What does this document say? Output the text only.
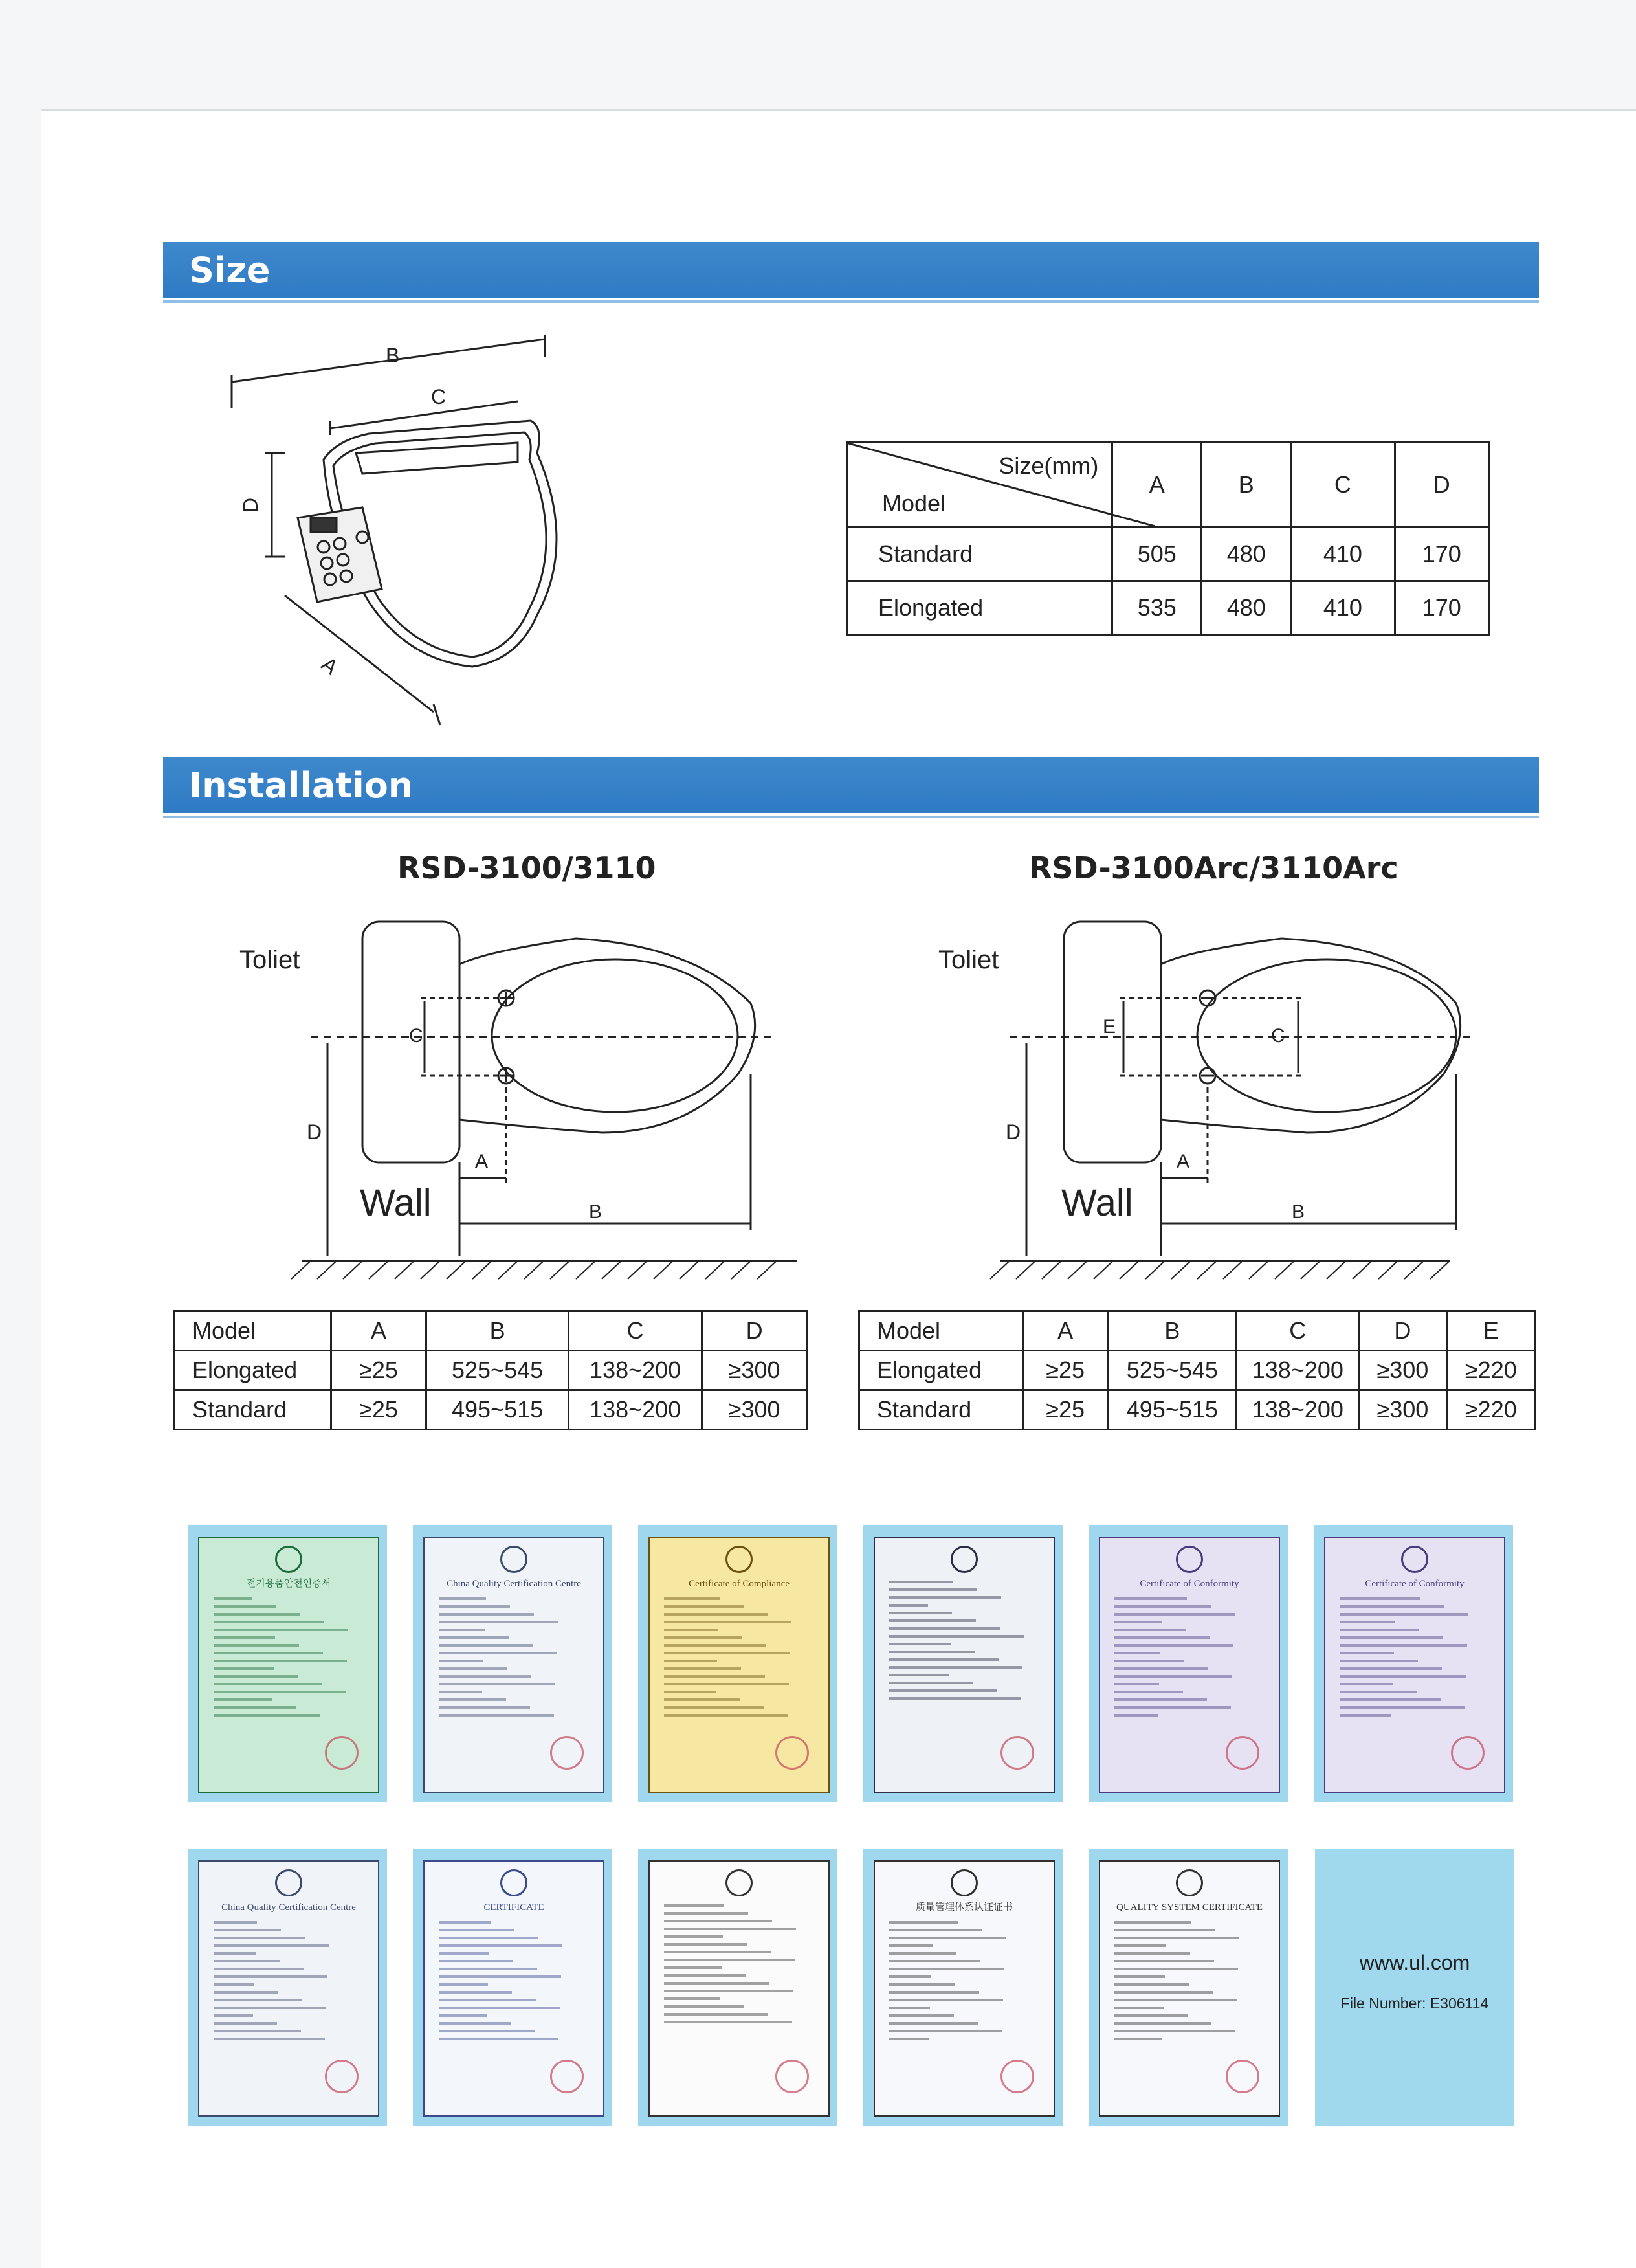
Size
B
C
D
A
Size(mm)
Model	A	B	C	D
Standard	505	480	410	170
Elongated	535	480	410	170
Installation
RSD-3100/3110	RSD-3100Arc/3110Arc
Toliet
Wall
C
D
A
B
Toliet
Wall
E	C
D
A
B
Model	A	B	C	D
Elongated	≥25	525~545	138~200	≥300
Standard	≥25	495~515	138~200	≥300
Model	A	B	C	D	E
Elongated	≥25	525~545	138~200	≥300	≥220
Standard	≥25	495~515	138~200	≥300	≥220
전기용품안전인증서	China Quality Certification Centre	Certificate of Compliance	Certificate of Conformity	Certificate of Conformity
China Quality Certification Centre	CERTIFICATE	质量管理体系认证证书	QUALITY SYSTEM CERTIFICATE
www.ul.com
File Number: E306114
